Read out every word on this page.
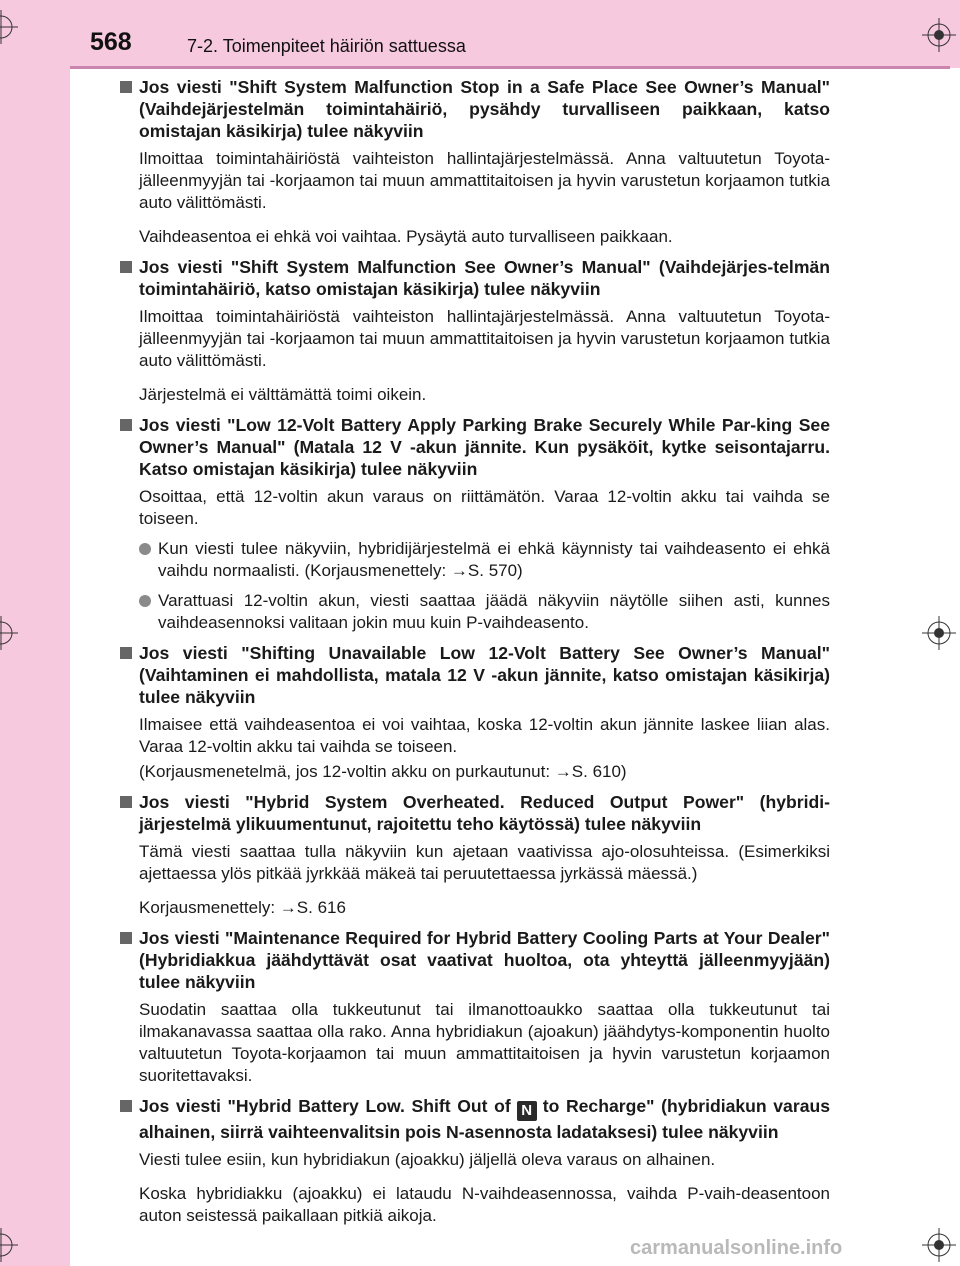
568	7-2. Toimenpiteet häiriön sattuessa
Jos viesti "Shift System Malfunction Stop in a Safe Place See Owner’s Manual" (Vaihdejärjestelmän toimintahäiriö, pysähdy turvalliseen paikkaan, katso omistajan käsikirja) tulee näkyviin
Ilmoittaa toimintahäiriöstä vaihteiston hallintajärjestelmässä. Anna valtuutetun Toyota-jälleenmyyjän tai -korjaamon tai muun ammattitaitoisen ja hyvin varustetun korjaamon tutkia auto välittömästi.
Vaihdeasentoa ei ehkä voi vaihtaa. Pysäytä auto turvalliseen paikkaan.
Jos viesti "Shift System Malfunction See Owner’s Manual" (Vaihdejärjes-telmän toimintahäiriö, katso omistajan käsikirja) tulee näkyviin
Ilmoittaa toimintahäiriöstä vaihteiston hallintajärjestelmässä. Anna valtuutetun Toyota-jälleenmyyjän tai -korjaamon tai muun ammattitaitoisen ja hyvin varustetun korjaamon tutkia auto välittömästi.
Järjestelmä ei välttämättä toimi oikein.
Jos viesti "Low 12-Volt Battery Apply Parking Brake Securely While Par-king See Owner’s Manual" (Matala 12 V -akun jännite. Kun pysäköit, kytke seisontajarru. Katso omistajan käsikirja) tulee näkyviin
Osoittaa, että 12-voltin akun varaus on riittämätön. Varaa 12-voltin akku tai vaihda se toiseen.
Kun viesti tulee näkyviin, hybridijärjestelmä ei ehkä käynnisty tai vaihdeasento ei ehkä vaihdu normaalisti. (Korjausmenettely: →S. 570)
Varattuasi 12-voltin akun, viesti saattaa jäädä näkyviin näytölle siihen asti, kunnes vaihdeasennoksi valitaan jokin muu kuin P-vaihdeasento.
Jos viesti "Shifting Unavailable Low 12-Volt Battery See Owner’s Manual" (Vaihtaminen ei mahdollista, matala 12 V -akun jännite, katso omistajan käsikirja) tulee näkyviin
Ilmaisee että vaihdeasentoa ei voi vaihtaa, koska 12-voltin akun jännite laskee liian alas. Varaa 12-voltin akku tai vaihda se toiseen.
(Korjausmenetelmä, jos 12-voltin akku on purkautunut: →S. 610)
Jos viesti "Hybrid System Overheated. Reduced Output Power" (hybridi-järjestelmä ylikuumentunut, rajoitettu teho käytössä) tulee näkyviin
Tämä viesti saattaa tulla näkyviin kun ajetaan vaativissa ajo-olosuhteissa. (Esimerkiksi ajettaessa ylös pitkää jyrkkää mäkeä tai peruutettaessa jyrkässä mäessä.)
Korjausmenettely: →S. 616
Jos viesti "Maintenance Required for Hybrid Battery Cooling Parts at Your Dealer" (Hybridiakkua jäähdyttävät osat vaativat huoltoa, ota yhteyttä jälleenmyyjään) tulee näkyviin
Suodatin saattaa olla tukkeutunut tai ilmanottoaukko saattaa olla tukkeutunut tai ilmakanavassa saattaa olla rako. Anna hybridiakun (ajoakun) jäähdytys-komponentin huolto valtuutetun Toyota-korjaamon tai muun ammattitaitoisen ja hyvin varustetun korjaamon suoritettavaksi.
Jos viesti "Hybrid Battery Low. Shift Out of N to Recharge" (hybridiakun varaus alhainen, siirrä vaihteenvalitsin pois N-asennosta ladataksesi) tulee näkyviin
Viesti tulee esiin, kun hybridiakun (ajoakku) jäljellä oleva varaus on alhainen.
Koska hybridiakku (ajoakku) ei lataudu N-vaihdeasennossa, vaihda P-vaih-deasentoon auton seistessä paikallaan pitkiä aikoja.
carmanualsonline.info
